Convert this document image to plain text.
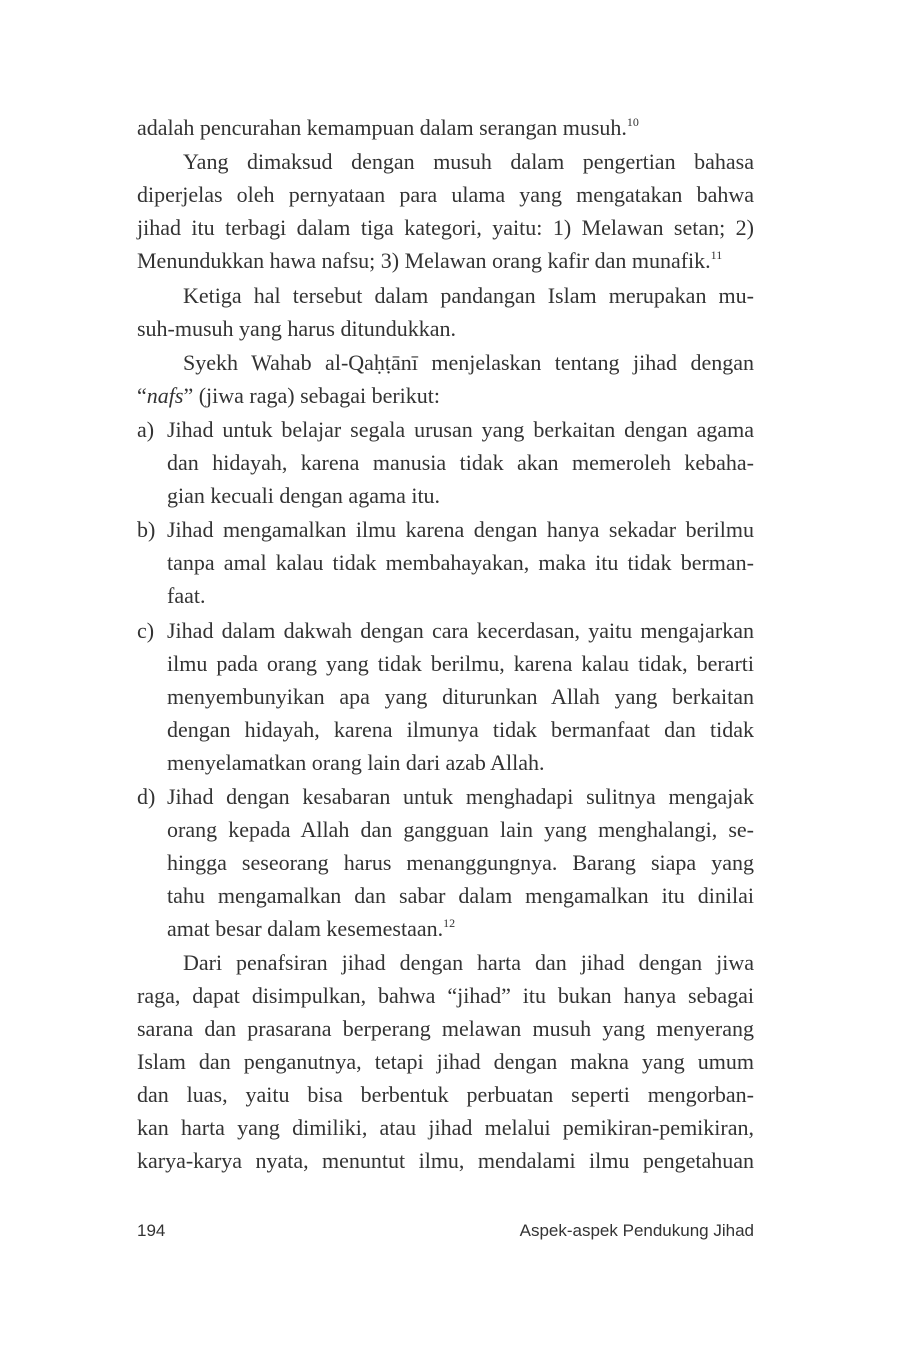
adalah pencurahan kemampuan dalam serangan musuh.$^{10}$
Yang dimaksud dengan musuh dalam pengertian bahasa
diperjelas oleh pernyataan para ulama yang mengatakan bahwa
jihad itu terbagi dalam tiga kategori, yaitu: 1) Melawan setan; 2)
Menundukkan hawa nafsu; 3) Melawan orang kafir dan munafik.$^{11}$
Ketiga hal tersebut dalam pandangan Islam merupakan mu-
suh-musuh yang harus ditundukkan.
Syekh Wahab al-Qaḥṭānī menjelaskan tentang jihad dengan
“nafs” (jiwa raga) sebagai berikut:
a) Jihad untuk belajar segala urusan yang berkaitan dengan agama
dan hidayah, karena manusia tidak akan memeroleh kebaha-
gian kecuali dengan agama itu.
b) Jihad mengamalkan ilmu karena dengan hanya sekadar berilmu
tanpa amal kalau tidak membahayakan, maka itu tidak berman-
faat.
c) Jihad dalam dakwah dengan cara kecerdasan, yaitu mengajarkan
ilmu pada orang yang tidak berilmu, karena kalau tidak, berarti
menyembunyikan apa yang diturunkan Allah yang berkaitan
dengan hidayah, karena ilmunya tidak bermanfaat dan tidak
menyelamatkan orang lain dari azab Allah.
d) Jihad dengan kesabaran untuk menghadapi sulitnya mengajak
orang kepada Allah dan gangguan lain yang menghalangi, se-
hingga seseorang harus menanggungnya. Barang siapa yang
tahu mengamalkan dan sabar dalam mengamalkan itu dinilai
amat besar dalam kesemestaan.$^{12}$
Dari penafsiran jihad dengan harta dan jihad dengan jiwa
raga, dapat disimpulkan, bahwa “jihad” itu bukan hanya sebagai
sarana dan prasarana berperang melawan musuh yang menyerang
Islam dan penganutnya, tetapi jihad dengan makna yang umum
dan luas, yaitu bisa berbentuk perbuatan seperti mengorban-
kan harta yang dimiliki, atau jihad melalui pemikiran-pemikiran,
karya-karya nyata, menuntut ilmu, mendalami ilmu pengetahuan
194	Aspek-aspek Pendukung Jihad
